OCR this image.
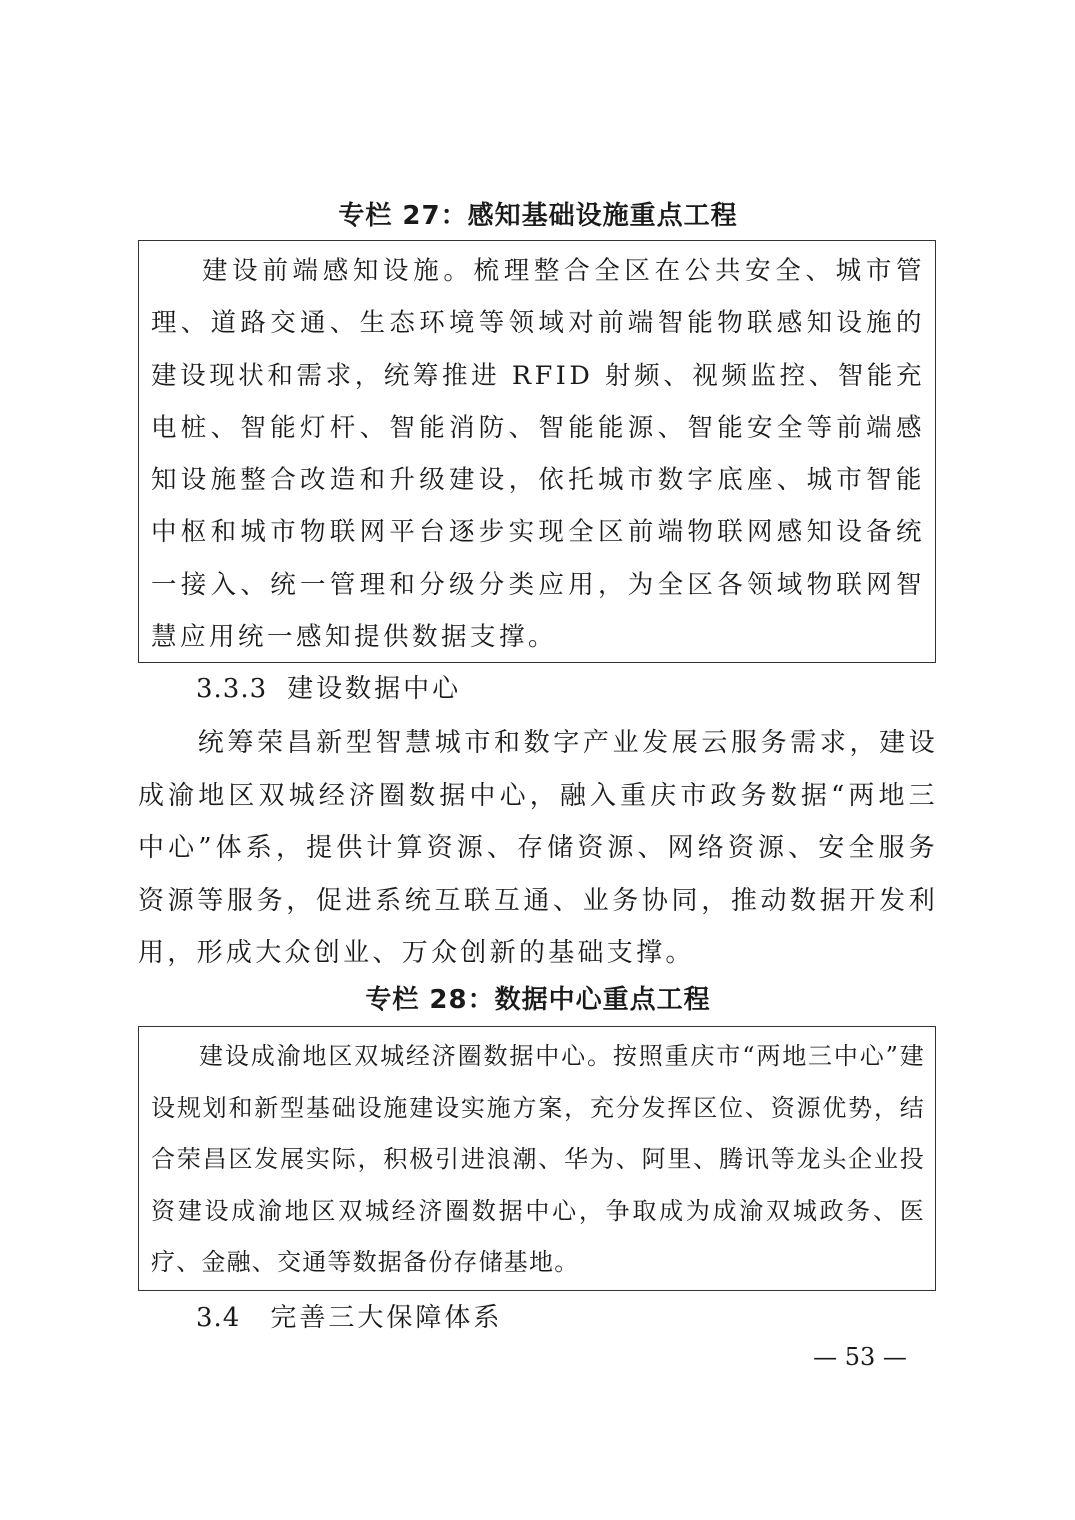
专栏 27：感知基础设施重点工程

建设前端感知设施。梳理整合全区在公共安全、城市管理、道路交通、生态环境等领域对前端智能物联感知设施的建设现状和需求，统筹推进 RFID 射频、视频监控、智能充电桩、智能灯杆、智能消防、智能能源、智能安全等前端感知设施整合改造和升级建设，依托城市数字底座、城市智能中枢和城市物联网平台逐步实现全区前端物联网感知设备统一接入、统一管理和分级分类应用，为全区各领域物联网智慧应用统一感知提供数据支撑。

3.3.3 建设数据中心

统筹荣昌新型智慧城市和数字产业发展云服务需求，建设成渝地区双城经济圈数据中心，融入重庆市政务数据“两地三中心”体系，提供计算资源、存储资源、网络资源、安全服务资源等服务，促进系统互联互通、业务协同，推动数据开发利用，形成大众创业、万众创新的基础支撑。

专栏 28：数据中心重点工程

建设成渝地区双城经济圈数据中心。按照重庆市“两地三中心”建设规划和新型基础设施建设实施方案，充分发挥区位、资源优势，结合荣昌区发展实际，积极引进浪潮、华为、阿里、腾讯等龙头企业投资建设成渝地区双城经济圈数据中心，争取成为成渝双城政务、医疗、金融、交通等数据备份存储基地。

3.4 完善三大保障体系
— 53 —
